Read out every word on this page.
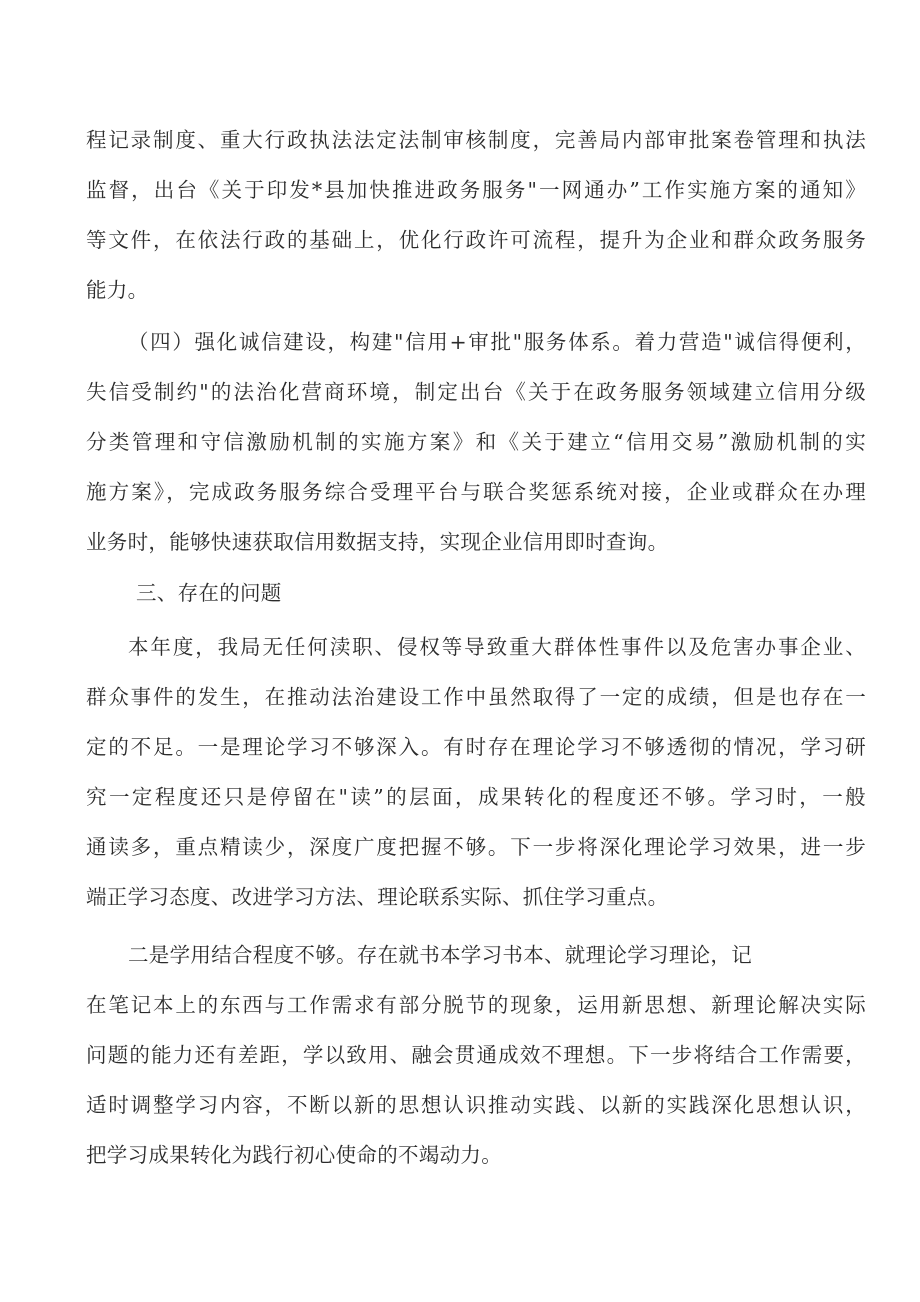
程记录制度、重大行政执法法定法制审核制度，完善局内部审批案卷管理和执法
监督，出台《关于印发*县加快推进政务服务"一网通办”工作实施方案的通知》
等文件，在依法行政的基础上，优化行政许可流程，提升为企业和群众政务服务
能力。
（四）强化诚信建设，构建"信用+审批"服务体系。着力营造"诚信得便利，
失信受制约"的法治化营商环境，制定出台《关于在政务服务领域建立信用分级
分类管理和守信激励机制的实施方案》和《关于建立“信用交易”激励机制的实
施方案》，完成政务服务综合受理平台与联合奖惩系统对接，企业或群众在办理
业务时，能够快速获取信用数据支持，实现企业信用即时查询。
三、存在的问题
本年度，我局无任何渎职、侵权等导致重大群体性事件以及危害办事企业、
群众事件的发生，在推动法治建设工作中虽然取得了一定的成绩，但是也存在一
定的不足。一是理论学习不够深入。有时存在理论学习不够透彻的情况，学习研
究一定程度还只是停留在"读”的层面，成果转化的程度还不够。学习时，一般
通读多，重点精读少，深度广度把握不够。下一步将深化理论学习效果，进一步
端正学习态度、改进学习方法、理论联系实际、抓住学习重点。
二是学用结合程度不够。存在就书本学习书本、就理论学习理论，记
在笔记本上的东西与工作需求有部分脱节的现象，运用新思想、新理论解决实际
问题的能力还有差距，学以致用、融会贯通成效不理想。下一步将结合工作需要，
适时调整学习内容，不断以新的思想认识推动实践、以新的实践深化思想认识，
把学习成果转化为践行初心使命的不竭动力。
